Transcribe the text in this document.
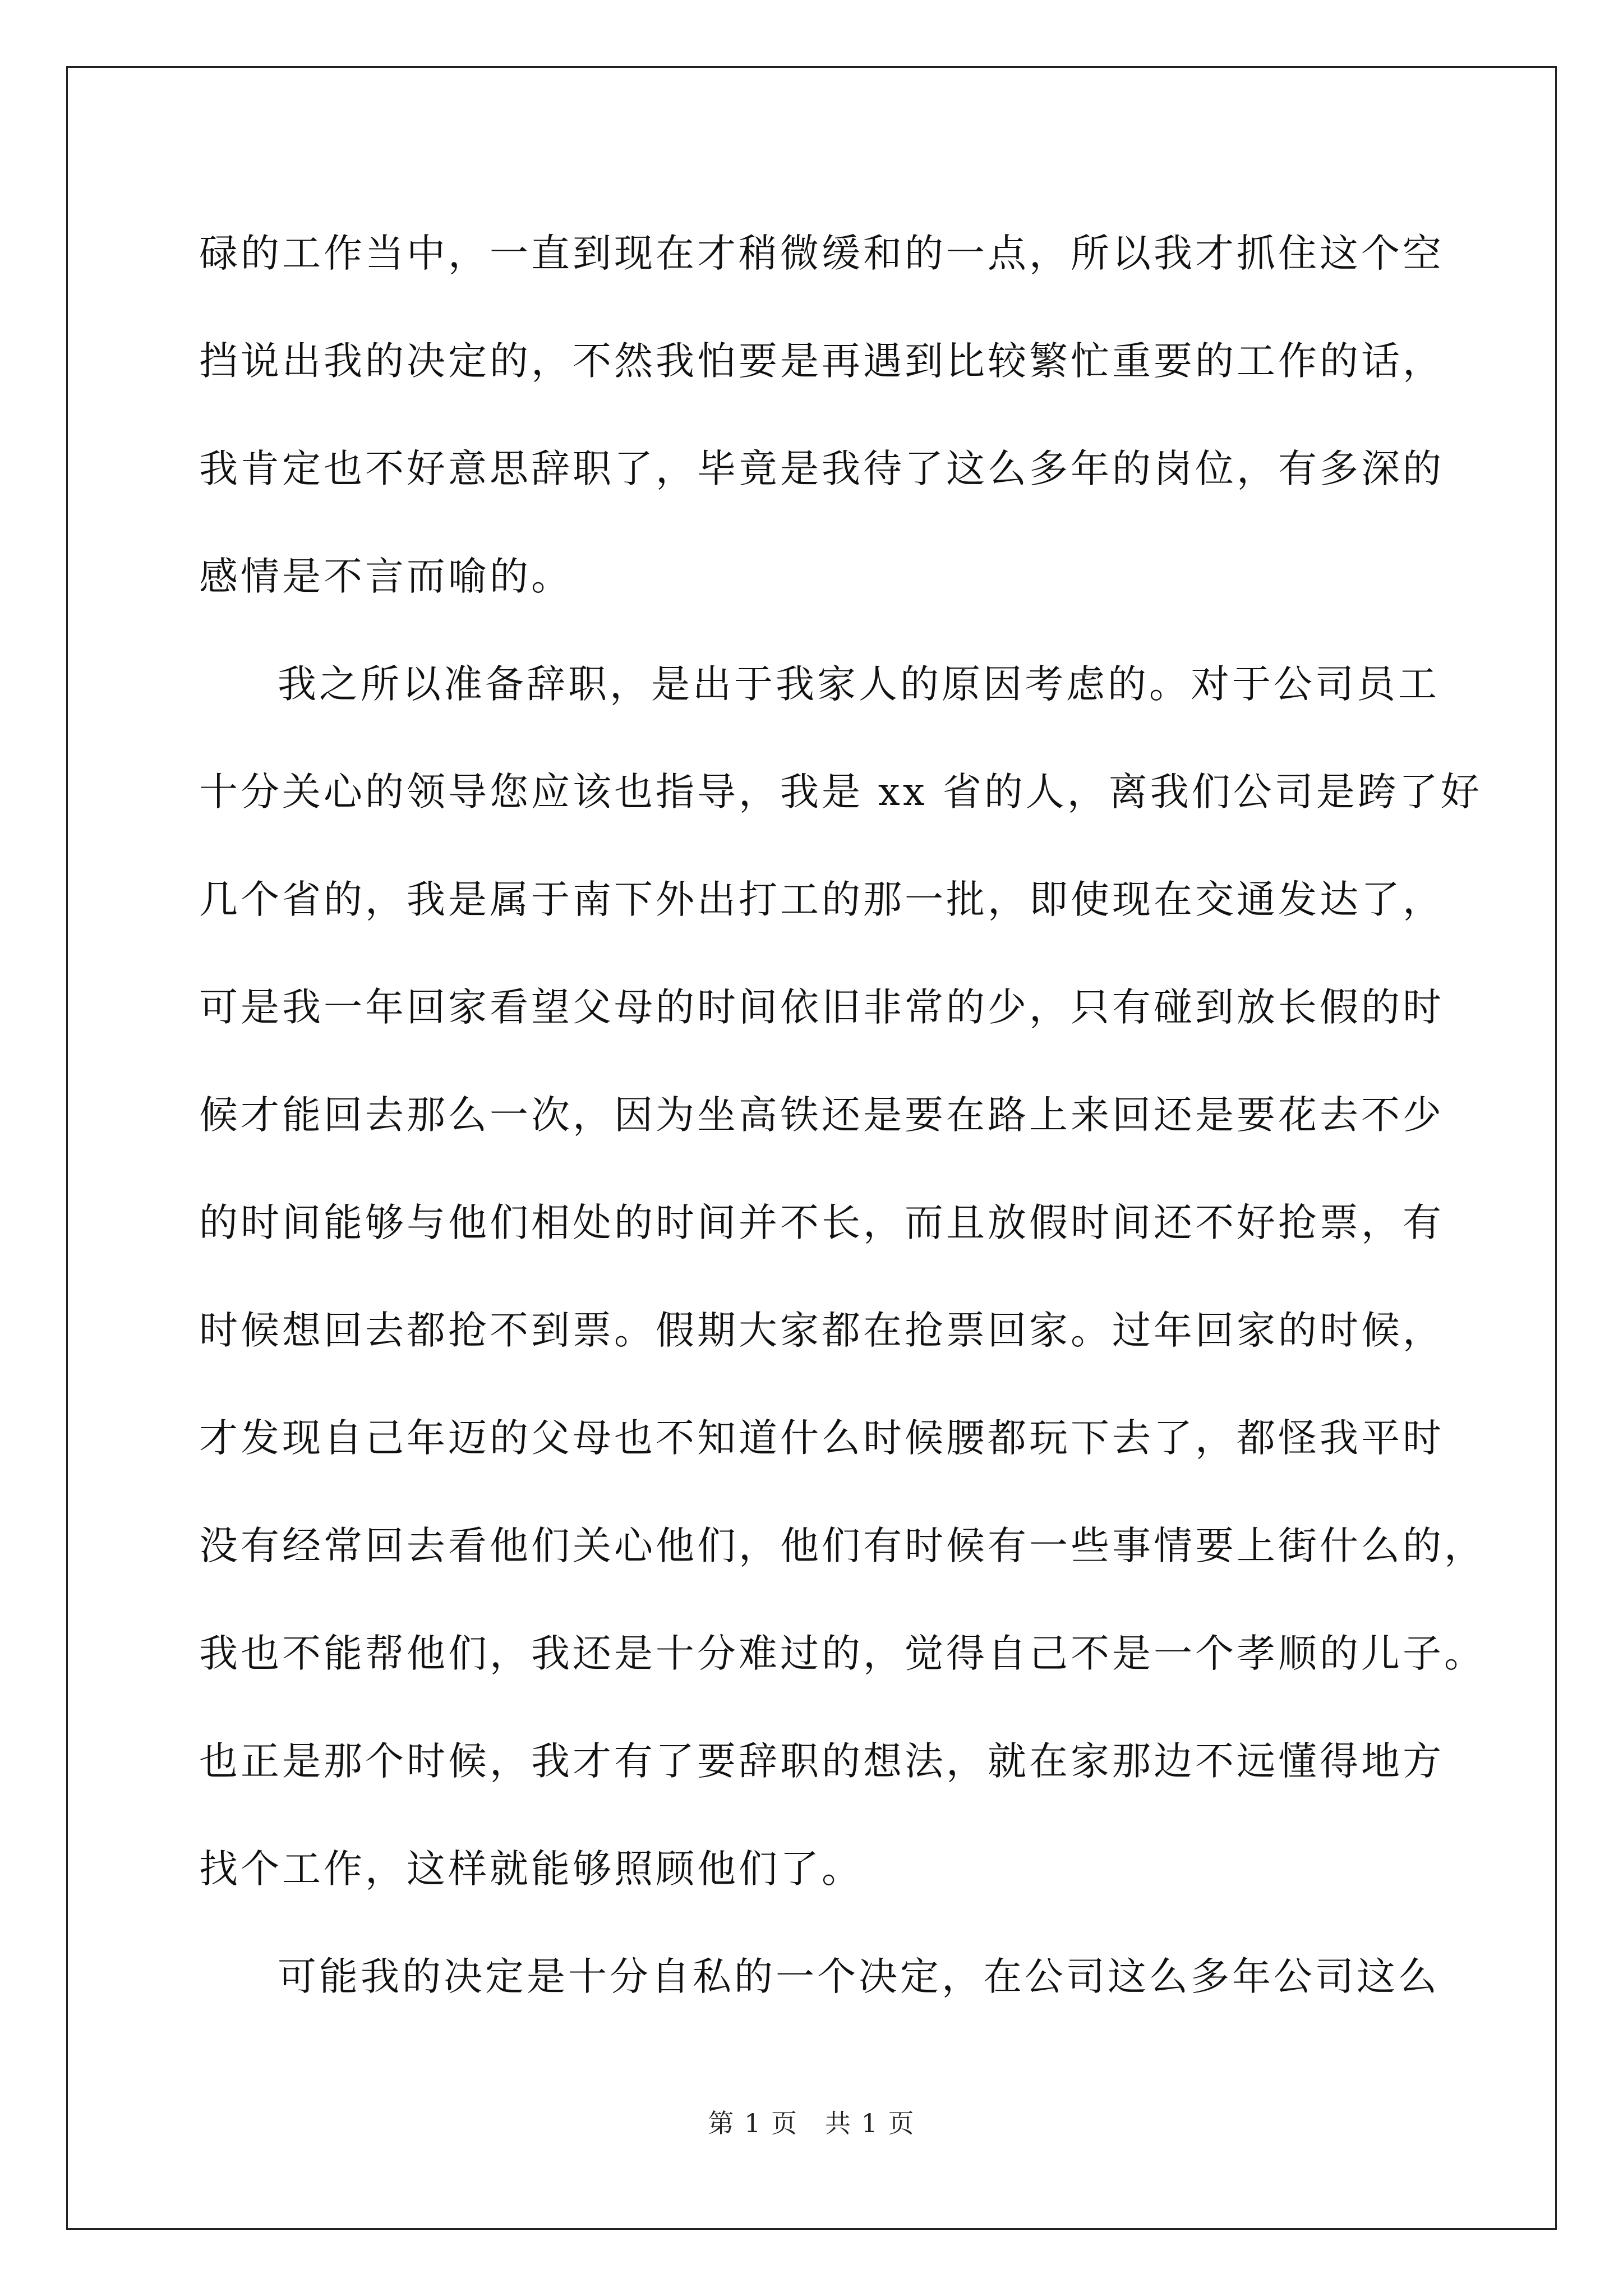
碌的工作当中，一直到现在才稍微缓和的一点，所以我才抓住这个空
挡说出我的决定的，不然我怕要是再遇到比较繁忙重要的工作的话，
我肯定也不好意思辞职了，毕竟是我待了这么多年的岗位，有多深的
感情是不言而喻的。
我之所以准备辞职，是出于我家人的原因考虑的。对于公司员工
十分关心的领导您应该也指导，我是 xx 省的人，离我们公司是跨了好
几个省的，我是属于南下外出打工的那一批，即使现在交通发达了，
可是我一年回家看望父母的时间依旧非常的少，只有碰到放长假的时
候才能回去那么一次，因为坐高铁还是要在路上来回还是要花去不少
的时间能够与他们相处的时间并不长，而且放假时间还不好抢票，有
时候想回去都抢不到票。假期大家都在抢票回家。过年回家的时候，
才发现自己年迈的父母也不知道什么时候腰都玩下去了，都怪我平时
没有经常回去看他们关心他们，他们有时候有一些事情要上街什么的，
我也不能帮他们，我还是十分难过的，觉得自己不是一个孝顺的儿子。
也正是那个时候，我才有了要辞职的想法，就在家那边不远懂得地方
找个工作，这样就能够照顾他们了。
可能我的决定是十分自私的一个决定，在公司这么多年公司这么
第 1 页　共 1 页
